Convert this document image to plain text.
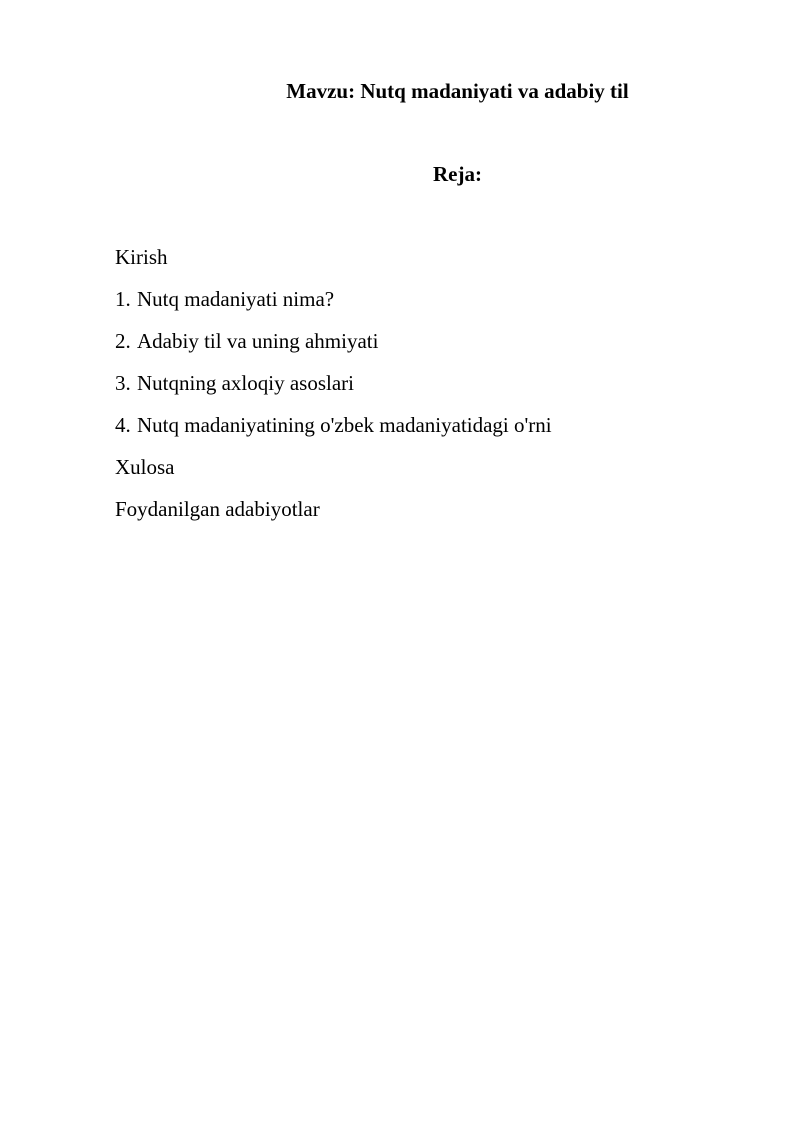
Mavzu: Nutq madaniyati va adabiy til
Reja:
Kirish
1. Nutq madaniyati nima?
2. Adabiy til va uning ahmiyati
3. Nutqning axloqiy asoslari
4. Nutq madaniyatining o'zbek madaniyatidagi o'rni
Xulosa
Foydanilgan adabiyotlar
